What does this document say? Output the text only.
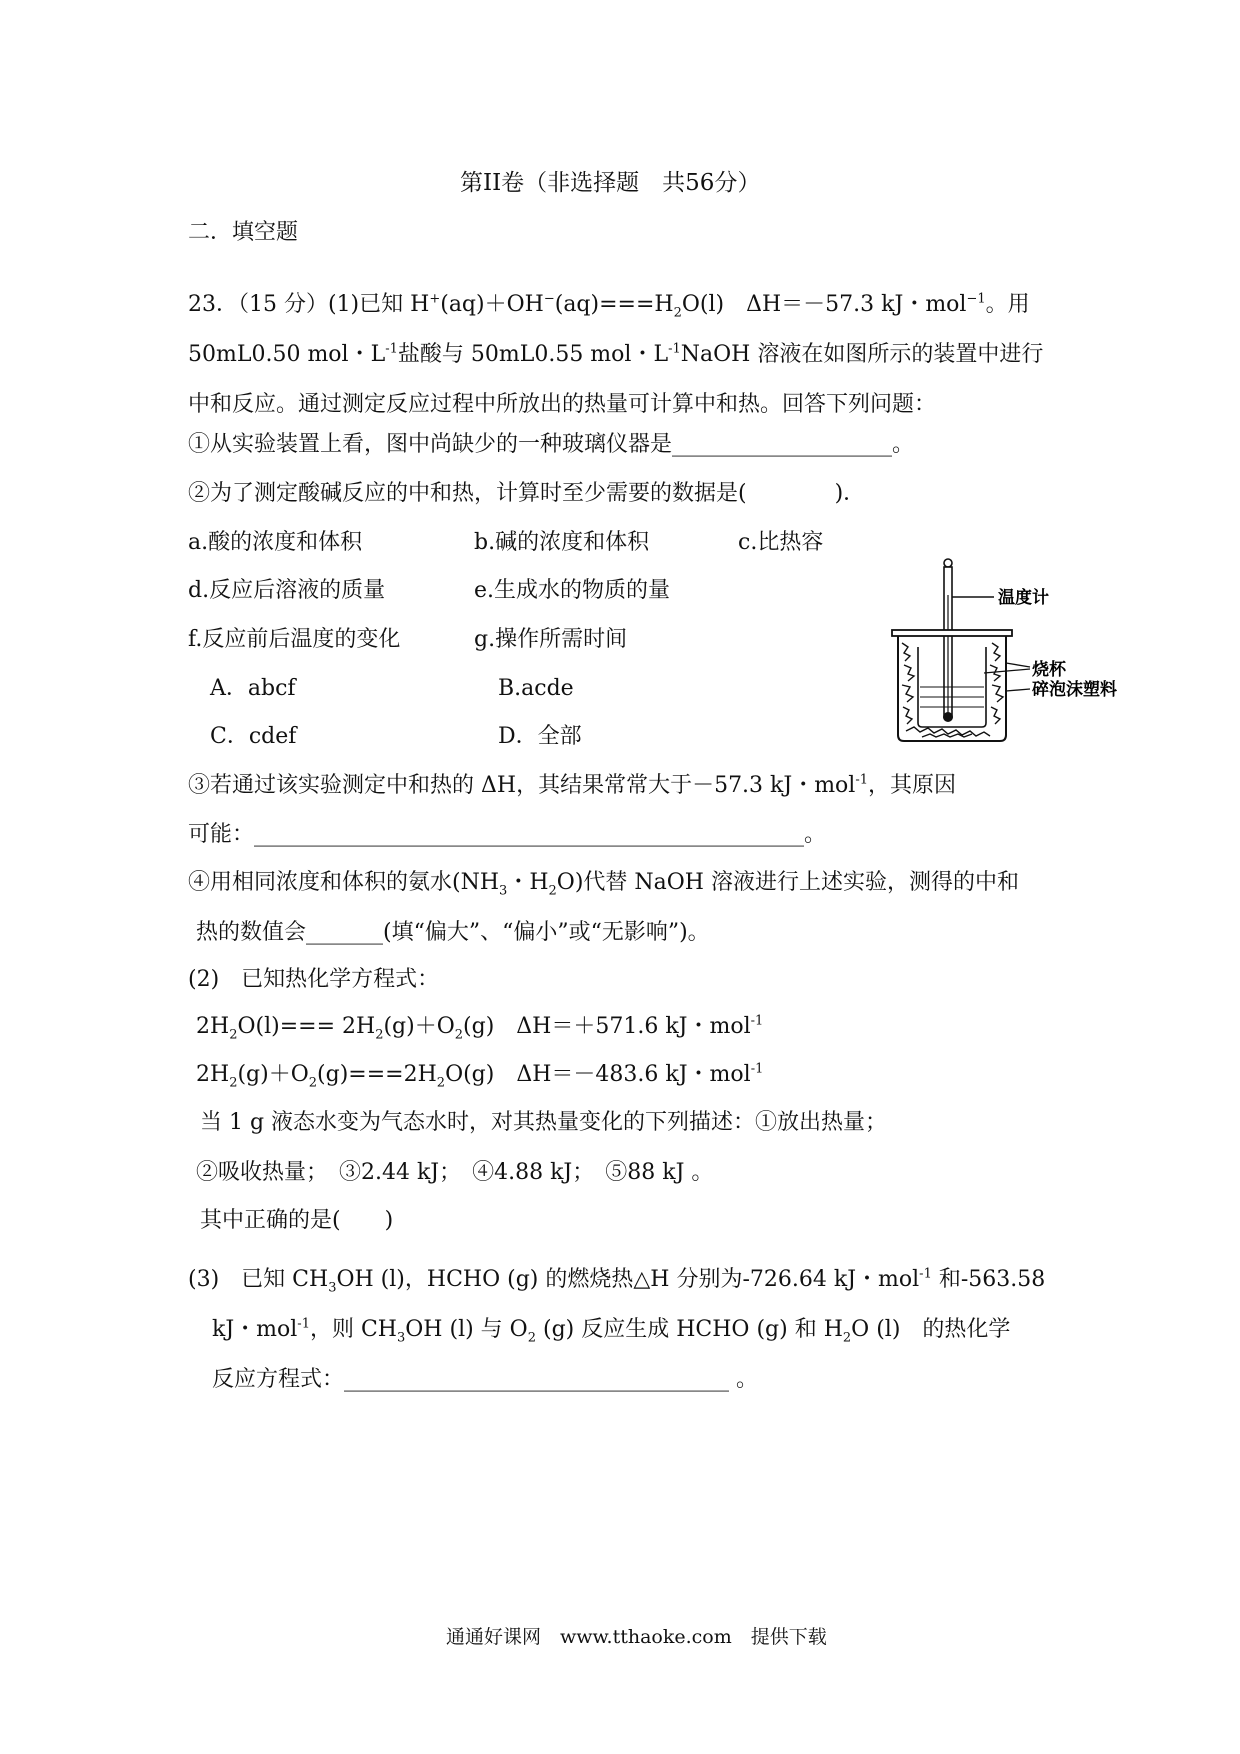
第II卷（非选择题　共56分）
二．填空题
23．（15 分）(1)已知 $H^+(aq)+OH^-(aq)===H_2O(l)$　ΔH＝－57.3 kJ・mol$^{-1}$。用
50mL0.50 mol・$L^{-1}$盐酸与 50mL0.55 mol・$L^{-1}NaOH$ 溶液在如图所示的装置中进行
中和反应。通过测定反应过程中所放出的热量可计算中和热。回答下列问题：
①从实验装置上看，图中尚缺少的一种玻璃仪器是____________________。
②为了测定酸碱反应的中和热，计算时至少需要的数据是(　　　　)．
a.酸的浓度和体积	b.碱的浓度和体积	c.比热容
d.反应后溶液的质量	e.生成水的物质的量
f.反应前后温度的变化	g.操作所需时间
A．abcf	B.acde
C．cdef	D．全部
③若通过该实验测定中和热的 ΔH，其结果常常大于－57.3 kJ・mol$^{-1}$，其原因
可能：__________________________________________________。
④用相同浓度和体积的氨水($NH_3$・$H_2O$)代替 NaOH 溶液进行上述实验，测得的中和
热的数值会_______(填“偏大”、“偏小”或“无影响”)。
(2)　已知热化学方程式：
$2H_2O(l)=== 2H_2(g)+O_2(g)$　ΔH＝＋571.6 kJ・mol$^{-1}$
$2H_2(g)+O_2(g)===2H_2O(g)$　ΔH＝－483.6 kJ・mol$^{-1}$
当 1 g 液态水变为气态水时，对其热量变化的下列描述：①放出热量；
②吸收热量；　③2.44 kJ；　④4.88 kJ；　⑤88 kJ 。
其中正确的是(　　)
(3)　已知 $CH_3OH$ (l)，HCHO (g) 的燃烧热△H 分别为-726.64 kJ・mol$^{-1}$ 和-563.58
kJ・mol$^{-1}$，则 $CH_3OH$ (l) 与 $O_2$ (g) 反应生成 HCHO (g) 和 $H_2O$ (l)　的热化学
反应方程式：___________________________________ 。
温度计
烧杯
碎泡沫塑料
通通好课网　www.tthaoke.com　提供下载
